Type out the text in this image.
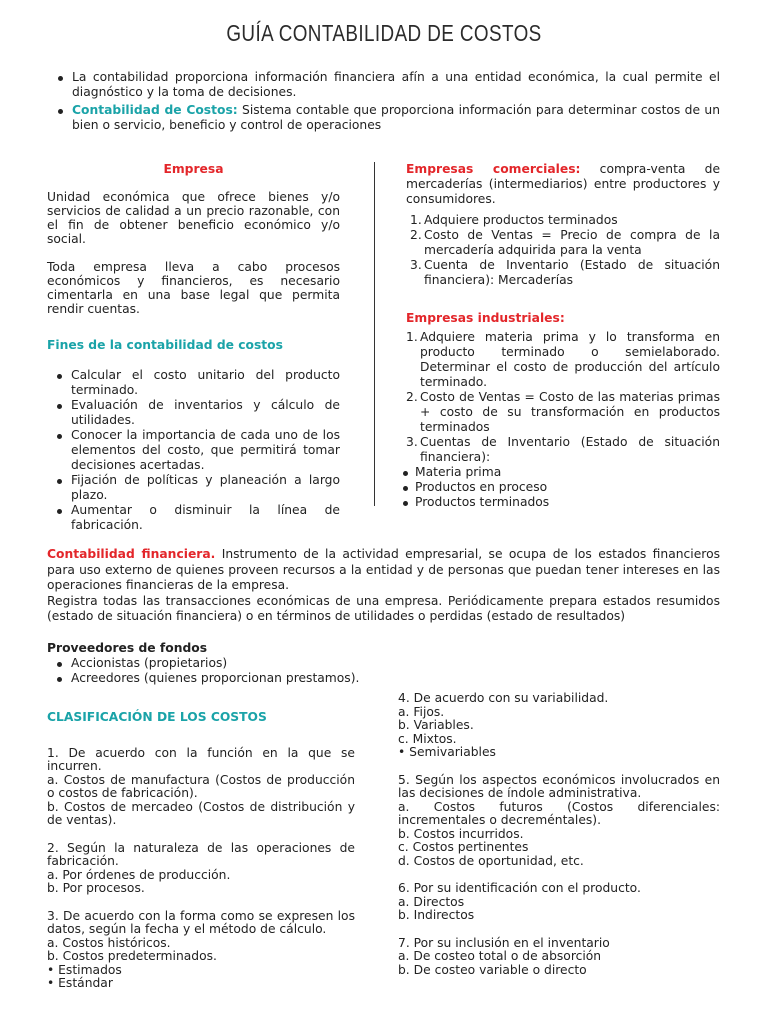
GUÍA CONTABILIDAD DE COSTOS
La contabilidad proporciona información financiera afín a una entidad económica, la cual permite el diagnóstico y la toma de decisiones.
Contabilidad de Costos: Sistema contable que proporciona información para determinar costos de un bien o servicio, beneficio y control de operaciones
Empresa
Unidad económica que ofrece bienes y/o servicios de calidad a un precio razonable, con el fin de obtener beneficio económico y/o social.
Toda empresa lleva a cabo procesos económicos y financieros, es necesario cimentarla en una base legal que permita rendir cuentas.
Fines de la contabilidad de costos
Calcular el costo unitario del producto terminado.
Evaluación de inventarios y cálculo de utilidades.
Conocer la importancia de cada uno de los elementos del costo, que permitirá tomar decisiones acertadas.
Fijación de políticas y planeación a largo plazo.
Aumentar o disminuir la línea de fabricación.
Empresas comerciales: compra-venta de mercaderías (intermediarios) entre productores y consumidores.
1. Adquiere productos terminados
2. Costo de Ventas = Precio de compra de la mercadería adquirida para la venta
3. Cuenta de Inventario (Estado de situación financiera): Mercaderías
Empresas industriales:
1. Adquiere materia prima y lo transforma en producto terminado o semielaborado. Determinar el costo de producción del artículo terminado.
2. Costo de Ventas = Costo de las materias primas + costo de su transformación en productos terminados
3. Cuentas de Inventario (Estado de situación financiera):
Materia prima
Productos en proceso
Productos terminados
Contabilidad financiera. Instrumento de la actividad empresarial, se ocupa de los estados financieros para uso externo de quienes proveen recursos a la entidad y de personas que puedan tener intereses en las operaciones financieras de la empresa.
Registra todas las transacciones económicas de una empresa. Periódicamente prepara estados resumidos (estado de situación financiera) o en términos de utilidades o perdidas (estado de resultados)
Proveedores de fondos
Accionistas (propietarios)
Acreedores (quienes proporcionan prestamos).
CLASIFICACIÓN DE LOS COSTOS
1. De acuerdo con la función en la que se incurren.
a. Costos de manufactura (Costos de producción o costos de fabricación).
b. Costos de mercadeo (Costos de distribución y de ventas).
2. Según la naturaleza de las operaciones de fabricación.
a. Por órdenes de producción.
b. Por procesos.
3. De acuerdo con la forma como se expresen los datos, según la fecha y el método de cálculo.
a. Costos históricos.
b. Costos predeterminados.
• Estimados
• Estándar
4. De acuerdo con su variabilidad.
a. Fijos.
b. Variables.
c. Mixtos.
• Semivariables
5. Según los aspectos económicos involucrados en las decisiones de índole administrativa.
a. Costos futuros (Costos diferenciales: incrementales o decreméntales).
b. Costos incurridos.
c. Costos pertinentes
d. Costos de oportunidad, etc.
6. Por su identificación con el producto.
a. Directos
b. Indirectos
7. Por su inclusión en el inventario
a. De costeo total o de absorción
b. De costeo variable o directo
